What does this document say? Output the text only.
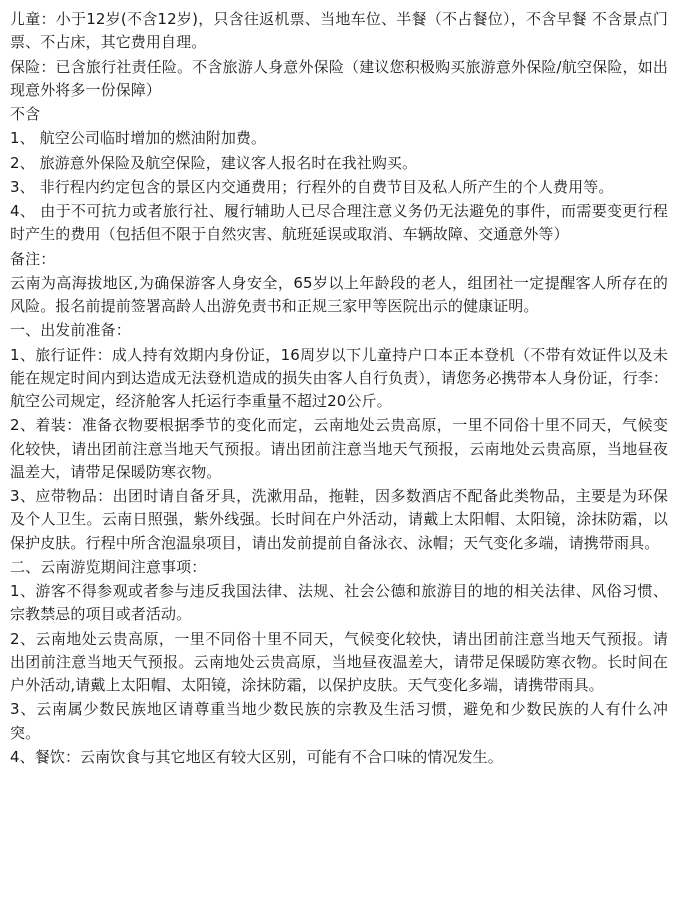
儿童：小于12岁(不含12岁)，只含往返机票、当地车位、半餐（不占餐位），不含早餐 不含景点门票、不占床，其它费用自理。

保险：已含旅行社责任险。不含旅游人身意外保险（建议您积极购买旅游意外保险/航空保险，如出现意外将多一份保障）

不含

1、 航空公司临时增加的燃油附加费。

2、 旅游意外保险及航空保险，建议客人报名时在我社购买。

3、 非行程内约定包含的景区内交通费用；行程外的自费节目及私人所产生的个人费用等。

4、 由于不可抗力或者旅行社、履行辅助人已尽合理注意义务仍无法避免的事件，而需要变更行程时产生的费用（包括但不限于自然灾害、航班延误或取消、车辆故障、交通意外等）

备注：

云南为高海拔地区,为确保游客人身安全，65岁以上年龄段的老人，组团社一定提醒客人所存在的风险。报名前提前签署高龄人出游免责书和正规三家甲等医院出示的健康证明。

一、出发前准备：

1、旅行证件：成人持有效期内身份证，16周岁以下儿童持户口本正本登机（不带有效证件以及未能在规定时间内到达造成无法登机造成的损失由客人自行负责），请您务必携带本人身份证，行李：航空公司规定，经济舱客人托运行李重量不超过20公斤。

2、着装：准备衣物要根据季节的变化而定，云南地处云贵高原，一里不同俗十里不同天，气候变化较快，请出团前注意当地天气预报。请出团前注意当地天气预报，云南地处云贵高原，当地昼夜温差大，请带足保暖防寒衣物。

3、应带物品：出团时请自备牙具，洗漱用品，拖鞋，因多数酒店不配备此类物品，主要是为环保及个人卫生。云南日照强，紫外线强。长时间在户外活动，请戴上太阳帽、太阳镜，涂抹防霜，以保护皮肤。行程中所含泡温泉项目，请出发前提前自备泳衣、泳帽；天气变化多端，请携带雨具。

二、云南游览期间注意事项：

1、游客不得参观或者参与违反我国法律、法规、社会公德和旅游目的地的相关法律、风俗习惯、宗教禁忌的项目或者活动。

2、云南地处云贵高原，一里不同俗十里不同天，气候变化较快，请出团前注意当地天气预报。请出团前注意当地天气预报。云南地处云贵高原，当地昼夜温差大，请带足保暖防寒衣物。长时间在户外活动,请戴上太阳帽、太阳镜，涂抹防霜，以保护皮肤。天气变化多端，请携带雨具。

3、云南属少数民族地区请尊重当地少数民族的宗教及生活习惯，避免和少数民族的人有什么冲突。

4、餐饮：云南饮食与其它地区有较大区别，可能有不合口味的情况发生。
